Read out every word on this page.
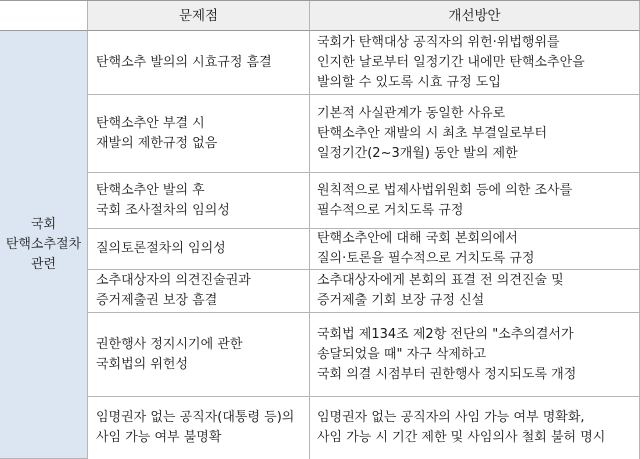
문제점	개선방안
국회
탄핵소추절차
관련
탄핵소추 발의의 시효규정 흠결
국회가 탄핵대상 공직자의 위헌·위법행위를
인지한 날로부터 일정기간 내에만 탄핵소추안을
발의할 수 있도록 시효 규정 도입
탄핵소추안 부결 시
재발의 제한규정 없음
기본적 사실관계가 동일한 사유로
탄핵소추안 재발의 시 최초 부결일로부터
일정기간(2~3개월) 동안 발의 제한
탄핵소추안 발의 후
국회 조사절차의 임의성
원칙적으로 법제사법위원회 등에 의한 조사를
필수적으로 거치도록 규정
질의토론절차의 임의성
탄핵소추안에 대해 국회 본회의에서
질의·토론을 필수적으로 거치도록 규정
소추대상자의 의견진술권과
증거제출권 보장 흠결
소추대상자에게 본회의 표결 전 의견진술 및
증거제출 기회 보장 규정 신설
권한행사 정지시기에 관한
국회법의 위헌성
국회법 제134조 제2항 전단의 "소추의결서가
송달되었을 때" 자구 삭제하고
국회 의결 시점부터 권한행사 정지되도록 개정
임명권자 없는 공직자(대통령 등)의
사임 가능 여부 불명확
임명권자 없는 공직자의 사임 가능 여부 명확화,
사임 가능 시 기간 제한 및 사임의사 철회 불허 명시
